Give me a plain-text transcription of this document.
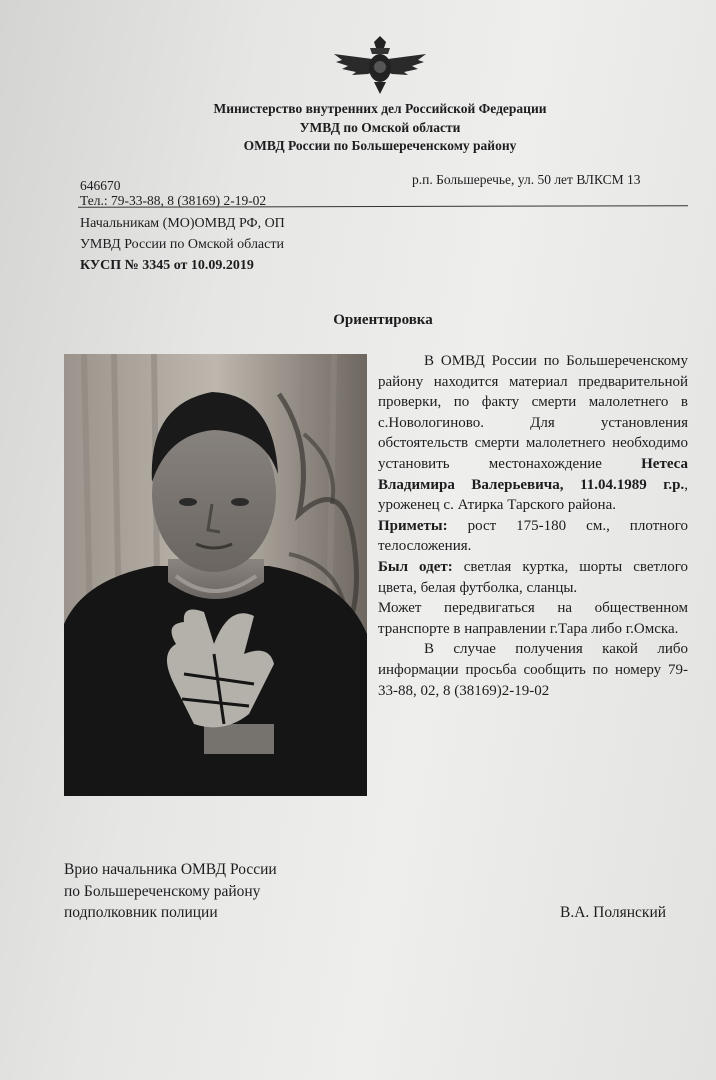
Министерство внутренних дел Российской Федерации
УМВД по Омской области
ОМВД России по Большереченскому району
646670
Тел.: 79-33-88, 8 (38169) 2-19-02
р.п. Большеречье, ул. 50 лет ВЛКСМ 13
Начальникам (МО)ОМВД РФ, ОП
УМВД России по Омской области
КУСП № 3345 от 10.09.2019
Ориентировка

В ОМВД России по Большереченскому району находится материал предварительной проверки, по факту смерти малолетнего в с.Новологиново. Для установления обстоятельств смерти малолетнего необходимо установить местонахождение Нетеса Владимира Валерьевича, 11.04.1989 г.р., уроженец с. Атирка Тарского района.

Приметы: рост 175-180 см., плотного телосложения.

Был одет: светлая куртка, шорты светлого цвета, белая футболка, сланцы.

Может передвигаться на общественном транспорте в направлении г.Тара либо г.Омска.

В случае получения какой либо информации просьба сообщить по номеру 79-33-88, 02, 8 (38169)2-19-02

Врио начальника ОМВД России
по Большереченскому району
подполковник полиции	В.А. Полянский
